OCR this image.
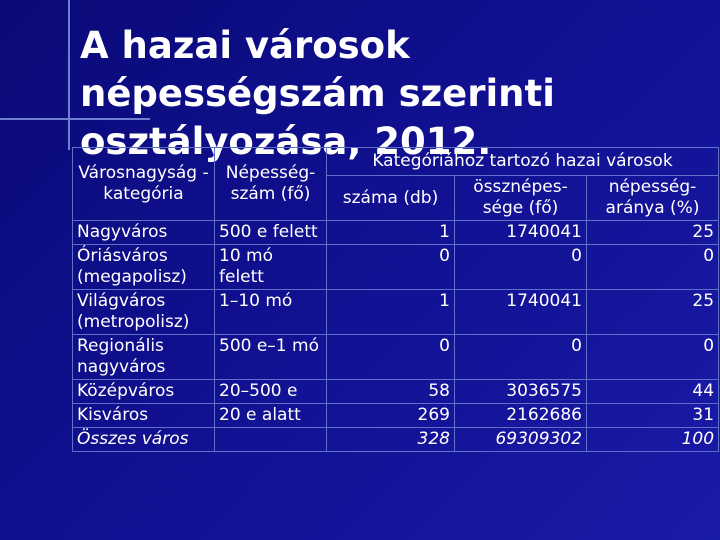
A hazai városok népességszám szerinti osztályozása, 2012.
Városnagyság -kategória	Népesség-szám (fő)	Kategóriához tartozó hazai városok		
		száma (db)	össznépes-sége (fő)	népesség-aránya (%)
Nagyváros	500 e felett	1	1740041	25
Óriásváros (megapolisz)	10 mó felett	0	0	0
Világváros (metropolisz)	1–10 mó	1	1740041	25
Regionális nagyváros	500 e–1 mó	0	0	0
Középváros	20–500 e	58	3036575	44
Kisváros	20 e alatt	269	2162686	31
Összes város		328	69309302	100
